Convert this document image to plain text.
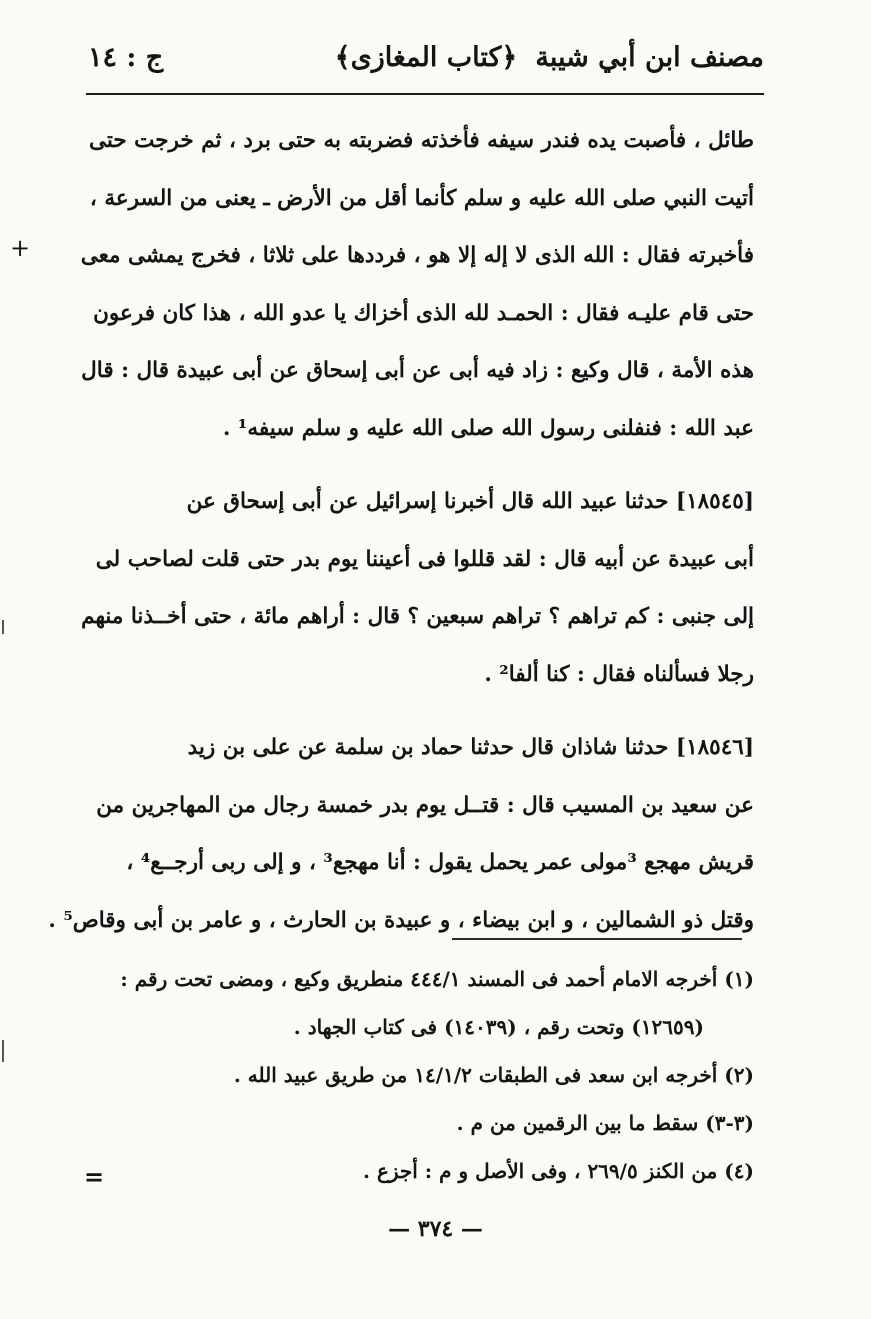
مصنف ابن أبي شيبة
﴿كتاب المغازى﴾
ج : ١٤
طائل ، فأصبت يده فندر سيفه فأخذته فضربته به حتى برد ، ثم خرجت حتى
أتيت النبي صلى الله عليه و سلم كأنما أقل من الأرض ـ يعنى من السرعة ،
فأخبرته فقال : الله الذى لا إله إلا هو ، فرددها على ثلاثا ، فخرج يمشى معى
حتى قام عليـه فقال : الحمـد لله الذى أخزاك يا عدو الله ، هذا كان فرعون
هذه الأمة ، قال وكيع : زاد فيه أبى عن أبى إسحاق عن أبى عبيدة قال : قال
عبد الله : فنفلنى رسول الله صلى الله عليه و سلم سيفه¹ .
[١٨٥٤٥] حدثنا عبيد الله قال أخبرنا إسرائيل عن أبى إسحاق عن
أبى عبيدة عن أبيه قال : لقد قللوا فى أعيننا يوم بدر حتى قلت لصاحب لى
إلى جنبى : كم تراهم ؟ تراهم سبعين ؟ قال : أراهم مائة ، حتى أخــذنا منهم
رجلا فسألناه فقال : كنا ألفا² .
[١٨٥٤٦] حدثنا شاذان قال حدثنا حماد بن سلمة عن على بن زيد
عن سعيد بن المسيب قال : قتــل يوم بدر خمسة رجال من المهاجرين من
قريش مهجع ³مولى عمر يحمل يقول : أنا مهجع³ ، و إلى ربى أرجــع⁴ ،
وقتل ذو الشمالين ، و ابن بيضاء ، و عبيدة بن الحارث ، و عامر بن أبى وقاص⁵ .
(١) أخرجه الامام أحمد فى المسند ٤٤٤/١ منطريق وكيع ، ومضى تحت رقم :
(١٢٦٥٩) وتحت رقم ، (١٤٠٣٩) فى كتاب الجهاد .
(٢) أخرجه ابن سعد فى الطبقات ١٤/١/٢ من طريق عبيد الله .
(٣-٣) سقط ما بين الرقمين من م .
(٤) من الكنز ٢٦٩/٥ ، وفى الأصل و م : أجزع .
— ٣٧٤ —
+
=
